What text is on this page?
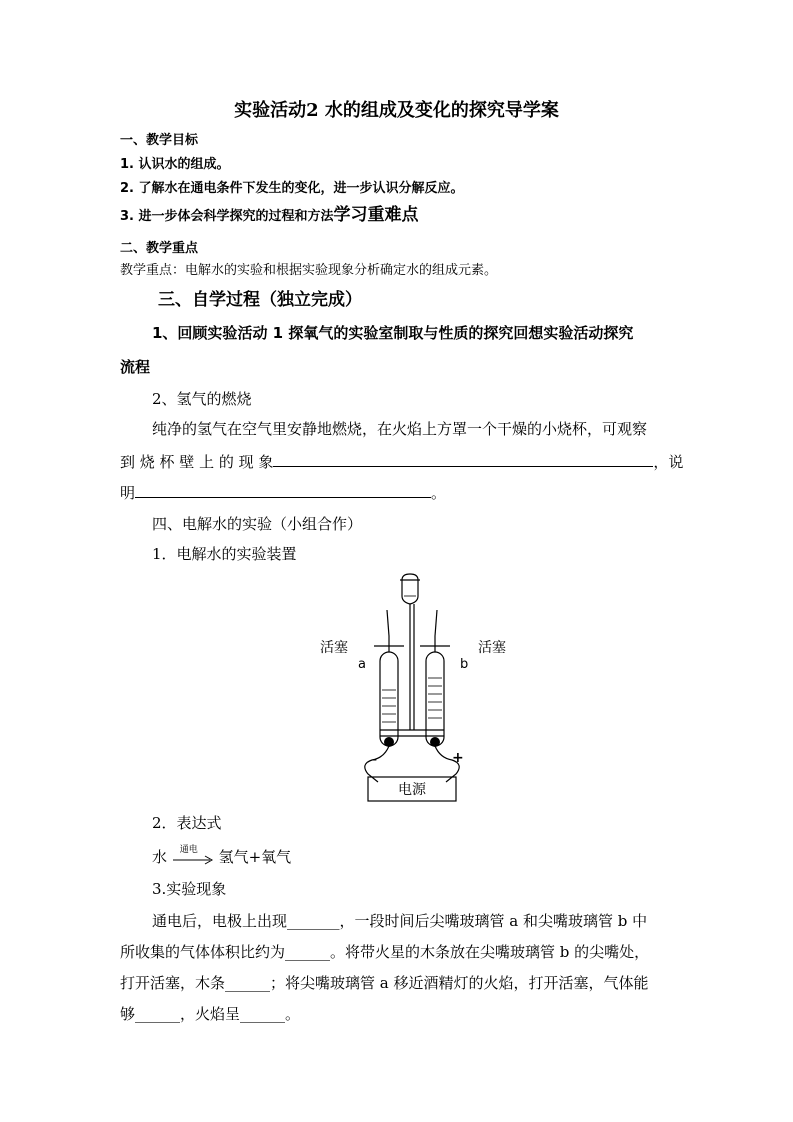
实验活动2 水的组成及变化的探究导学案
一、教学目标
1. 认识水的组成。
2. 了解水在通电条件下发生的变化，进一步认识分解反应。
3. 进一步体会科学探究的过程和方法学习重难点
二、教学重点
教学重点：电解水的实验和根据实验现象分析确定水的组成元素。
三、自学过程（独立完成）
1、回顾实验活动 1 探氧气的实验室制取与性质的探究回想实验活动探究
流程
2、氢气的燃烧
纯净的氢气在空气里安静地燃烧，在火焰上方罩一个干燥的小烧杯，可观察
到 烧 杯 壁 上 的 现 象	，说
明	。
四、电解水的实验（小组合作）
1．电解水的实验装置
活塞	活塞
a	b
-	+
电源
2．表达式
水 通电 氢气+氧气
3.实验现象
通电后，电极上出现_______，一段时间后尖嘴玻璃管 a 和尖嘴玻璃管 b 中
所收集的气体体积比约为______。将带火星的木条放在尖嘴玻璃管 b 的尖嘴处，
打开活塞，木条______；将尖嘴玻璃管 a 移近酒精灯的火焰，打开活塞，气体能
够______，火焰呈______。
